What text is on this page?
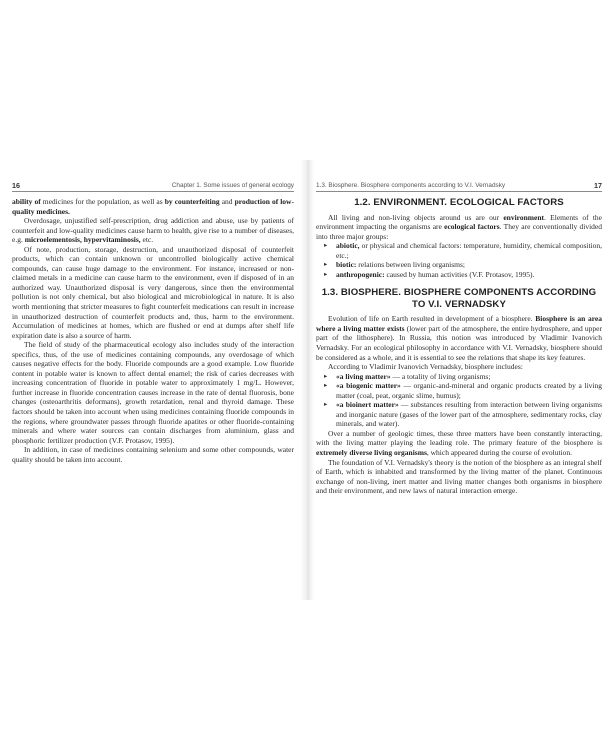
16	Chapter 1. Some issues of general ecology

ability of medicines for the population, as well as by counterfeiting and production of low-quality medicines.

Overdosage, unjustified self-prescription, drug addiction and abuse, use by patients of counterfeit and low-quality medicines cause harm to health, give rise to a number of diseases, e.g. microelementosis, hypervitaminosis, etc.

Of note, production, storage, destruction, and unauthorized disposal of counterfeit products, which can contain unknown or uncontrolled biologically active chemical compounds, can cause huge damage to the environment. For instance, increased or non-claimed metals in a medicine can cause harm to the environment, even if disposed of in an authorized way. Unauthorized disposal is very dangerous, since then the environmental pollution is not only chemical, but also biological and microbiological in nature. It is also worth mentioning that stricter measures to fight counterfeit medications can result in increase in unauthorized destruction of counterfeit products and, thus, harm to the environment. Accumulation of medicines at homes, which are flushed or end at dumps after shelf life expiration date is also a source of harm.

The field of study of the pharmaceutical ecology also includes study of the interaction specifics, thus, of the use of medicines containing compounds, any overdosage of which causes negative effects for the body. Fluoride compounds are a good example. Low fluoride content in potable water is known to affect dental enamel; the risk of caries decreases with increasing concentration of fluoride in potable water to approximately 1 mg/L. However, further increase in fluoride concentration causes increase in the rate of dental fluorosis, bone changes (osteoarthritis deformans), growth retardation, renal and thyroid damage. These factors should be taken into account when using medicines containing fluoride compounds in the regions, where groundwater passes through fluoride apatites or other fluoride-containing minerals and where water sources can contain discharges from aluminium, glass and phosphoric fertilizer production (V.F. Protasov, 1995).

In addition, in case of medicines containing selenium and some other compounds, water quality should be taken into account.

1.3. Biosphere. Biosphere components according to V.I. Vernadsky	17
1.2. ENVIRONMENT. ECOLOGICAL FACTORS

All living and non-living objects around us are our environment. Elements of the environment impacting the organisms are ecological factors. They are conventionally divided into three major groups:

▸ abiotic, or physical and chemical factors: temperature, humidity, chemical composition, etc.;
▸ biotic: relations between living organisms;
▸ anthropogenic: caused by human activities (V.F. Protasov, 1995).
1.3. BIOSPHERE. BIOSPHERE COMPONENTS ACCORDING TO V.I. VERNADSKY

Evolution of life on Earth resulted in development of a biosphere. Biosphere is an area where a living matter exists (lower part of the atmosphere, the entire hydrosphere, and upper part of the lithosphere). In Russia, this notion was introduced by Vladimir Ivanovich Vernadsky. For an ecological philosophy in accordance with V.I. Vernadsky, biosphere should be considered as a whole, and it is essential to see the relations that shape its key features.

According to Vladimir Ivanovich Vernadsky, biosphere includes:

▸ «a living matter» — a totality of living organisms;
▸ «a biogenic matter» — organic-and-mineral and organic products created by a living matter (coal, peat, organic slime, humus);
▸ «a bioinert matter» — substances resulting from interaction between living organisms and inorganic nature (gases of the lower part of the atmosphere, sedimentary rocks, clay minerals, and water).

Over a number of geologic times, these three matters have been constantly interacting, with the living matter playing the leading role. The primary feature of the biosphere is extremely diverse living organisms, which appeared during the course of evolution.

The foundation of V.I. Vernadsky's theory is the notion of the biosphere as an integral shelf of Earth, which is inhabited and transformed by the living matter of the planet. Continuous exchange of non-living, inert matter and living matter changes both organisms in biosphere and their environment, and new laws of natural interaction emerge.
